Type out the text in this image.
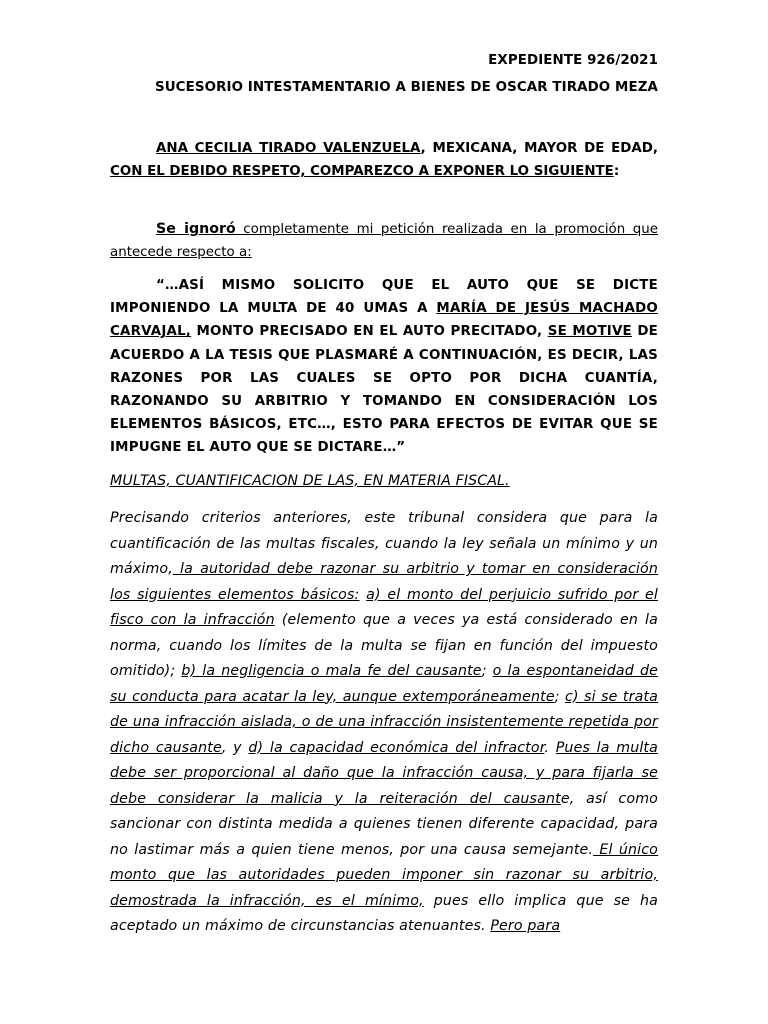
EXPEDIENTE 926/2021
SUCESORIO INTESTAMENTARIO A BIENES DE OSCAR TIRADO MEZA
ANA CECILIA TIRADO VALENZUELA, MEXICANA, MAYOR DE EDAD, CON EL DEBIDO RESPETO, COMPAREZCO A EXPONER LO SIGUIENTE:
Se ignoró completamente mi petición realizada en la promoción que antecede respecto a:
“…ASÍ MISMO SOLICITO QUE EL AUTO QUE SE DICTE IMPONIENDO LA MULTA DE 40 UMAS A MARÍA DE JESÚS MACHADO CARVAJAL, MONTO PRECISADO EN EL AUTO PRECITADO, SE MOTIVE DE ACUERDO A LA TESIS QUE PLASMARÉ A CONTINUACIÓN, ES DECIR, LAS RAZONES POR LAS CUALES SE OPTO POR DICHA CUANTÍA, RAZONANDO SU ARBITRIO Y TOMANDO EN CONSIDERACIÓN LOS ELEMENTOS BÁSICOS, ETC…, ESTO PARA EFECTOS DE EVITAR QUE SE IMPUGNE EL AUTO QUE SE DICTARE…”
MULTAS, CUANTIFICACION DE LAS, EN MATERIA FISCAL.
Precisando criterios anteriores, este tribunal considera que para la cuantificación de las multas fiscales, cuando la ley señala un mínimo y un máximo, la autoridad debe razonar su arbitrio y tomar en consideración los siguientes elementos básicos: a) el monto del perjuicio sufrido por el fisco con la infracción (elemento que a veces ya está considerado en la norma, cuando los límites de la multa se fijan en función del impuesto omitido); b) la negligencia o mala fe del causante; o la espontaneidad de su conducta para acatar la ley, aunque extemporáneamente; c) si se trata de una infracción aislada, o de una infracción insistentemente repetida por dicho causante, y d) la capacidad económica del infractor. Pues la multa debe ser proporcional al daño que la infracción causa, y para fijarla se debe considerar la malicia y la reiteración del causante, así como sancionar con distinta medida a quienes tienen diferente capacidad, para no lastimar más a quien tiene menos, por una causa semejante. El único monto que las autoridades pueden imponer sin razonar su arbitrio, demostrada la infracción, es el mínimo, pues ello implica que se ha aceptado un máximo de circunstancias atenuantes. Pero para
